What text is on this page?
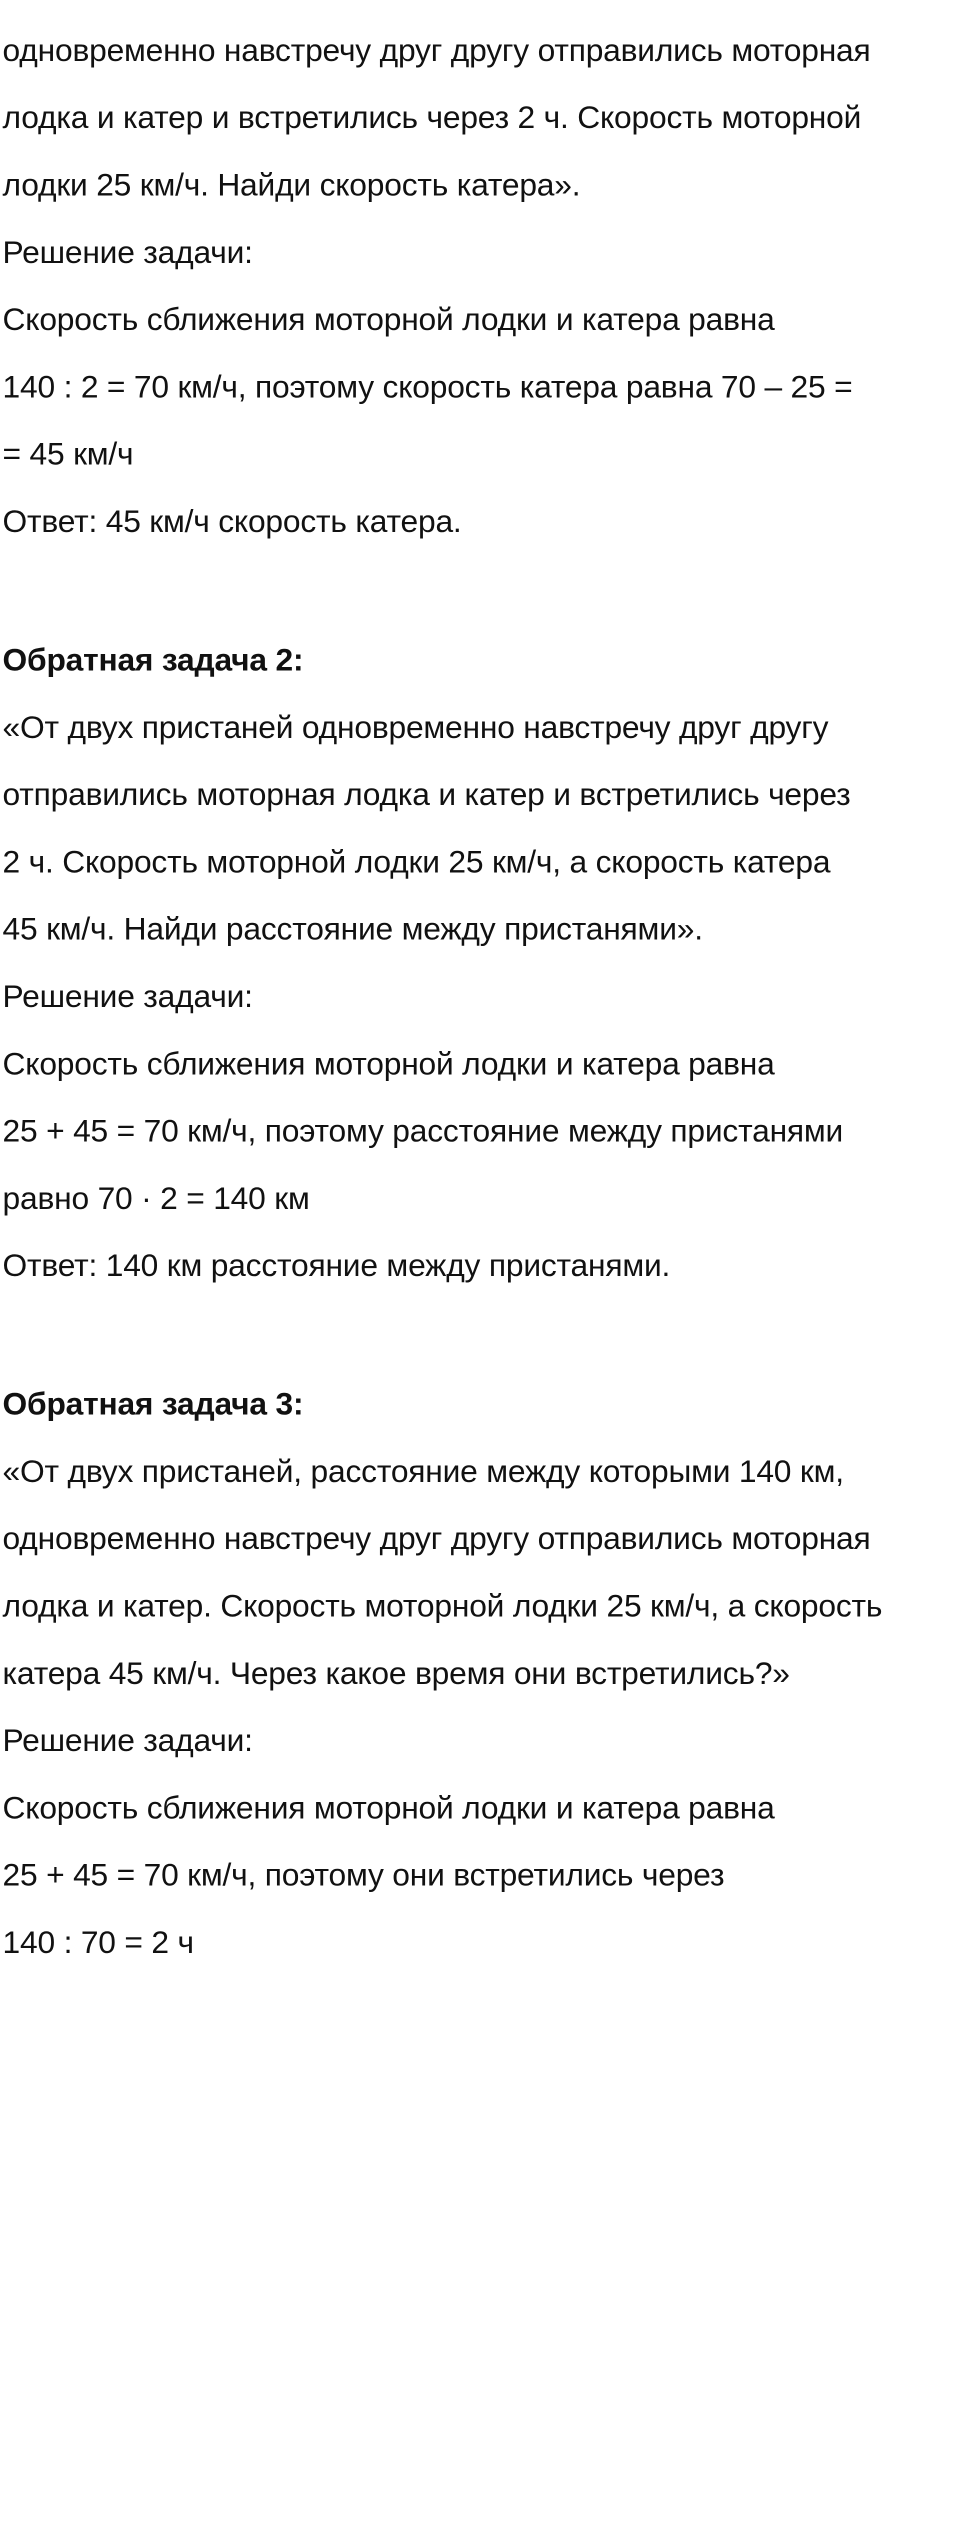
одновременно навстречу друг другу отправились моторная
лодка и катер и встретились через 2 ч. Скорость моторной
лодки 25 км/ч. Найди скорость катера».
Решение задачи:
Скорость сближения моторной лодки и катера равна
140 : 2 = 70 км/ч, поэтому скорость катера равна 70 – 25 =
= 45 км/ч
Ответ: 45 км/ч скорость катера.
Обратная задача 2:
«От двух пристаней одновременно навстречу друг другу
отправились моторная лодка и катер и встретились через
2 ч. Скорость моторной лодки 25 км/ч, а скорость катера
45 км/ч. Найди расстояние между пристанями».
Решение задачи:
Скорость сближения моторной лодки и катера равна
25 + 45 = 70 км/ч, поэтому расстояние между пристанями
равно 70 · 2 = 140 км
Ответ: 140 км расстояние между пристанями.
Обратная задача 3:
«От двух пристаней, расстояние между которыми 140 км,
одновременно навстречу друг другу отправились моторная
лодка и катер. Скорость моторной лодки 25 км/ч, а скорость
катера 45 км/ч. Через какое время они встретились?»
Решение задачи:
Скорость сближения моторной лодки и катера равна
25 + 45 = 70 км/ч, поэтому они встретились через
140 : 70 = 2 ч
